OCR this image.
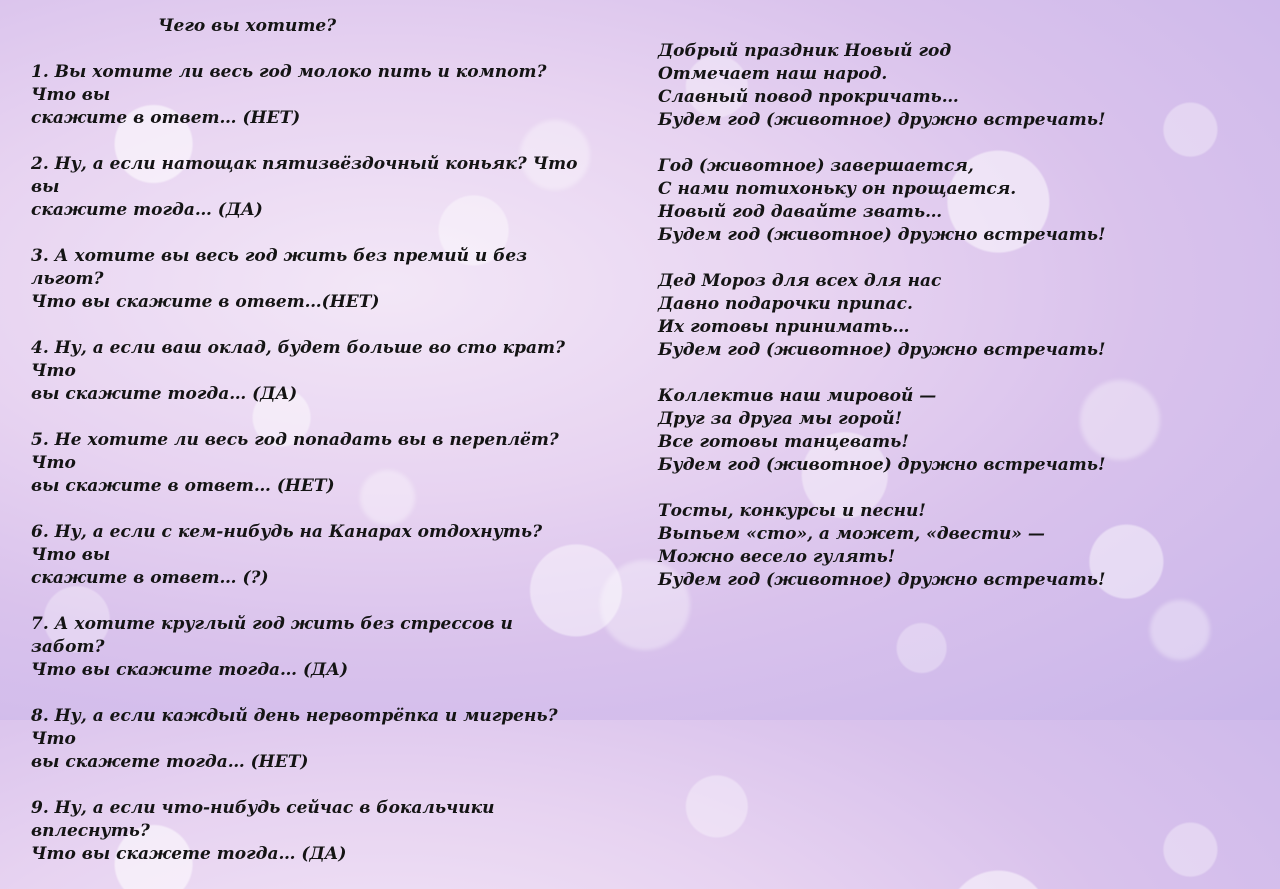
Чего вы хотите?
1. Вы хотите ли весь год молоко пить и компот? Что вы
скажите в ответ… (НЕТ)
2. Ну, а если натощак пятизвёздочный коньяк? Что вы
скажите тогда… (ДА)
3. А хотите вы весь год жить без премий и без льгот?
Что вы скажите в ответ…(НЕТ)
4. Ну, а если ваш оклад, будет больше во сто крат? Что
вы скажите тогда… (ДА)
5. Не хотите ли весь год попадать вы в переплёт? Что
вы скажите в ответ… (НЕТ)
6. Ну, а если с кем-нибудь на Канарах отдохнуть? Что вы
скажите в ответ… (?)
7. А хотите круглый год жить без стрессов и забот?
Что вы скажите тогда… (ДА)
8. Ну, а если каждый день нервотрёпка и мигрень? Что
вы скажете тогда… (НЕТ)
9. Ну, а если что-нибудь сейчас в бокальчики вплеснуть?
Что вы скажете тогда… (ДА)
Добрый праздник Новый год
Отмечает наш народ.
Славный повод прокричать…
Будем год (животное) дружно встречать!
Год (животное) завершается,
С нами потихоньку он прощается.
Новый год давайте звать…
Будем год (животное) дружно встречать!
Дед Мороз для всех для нас
Давно подарочки припас.
Их готовы принимать…
Будем год (животное) дружно встречать!
Коллектив наш мировой —
Друг за друга мы горой!
Все готовы танцевать!
Будем год (животное) дружно встречать!
Тосты, конкурсы и песни!
Выпьем «сто», а может, «двести» —
Можно весело гулять!
Будем год (животное) дружно встречать!
